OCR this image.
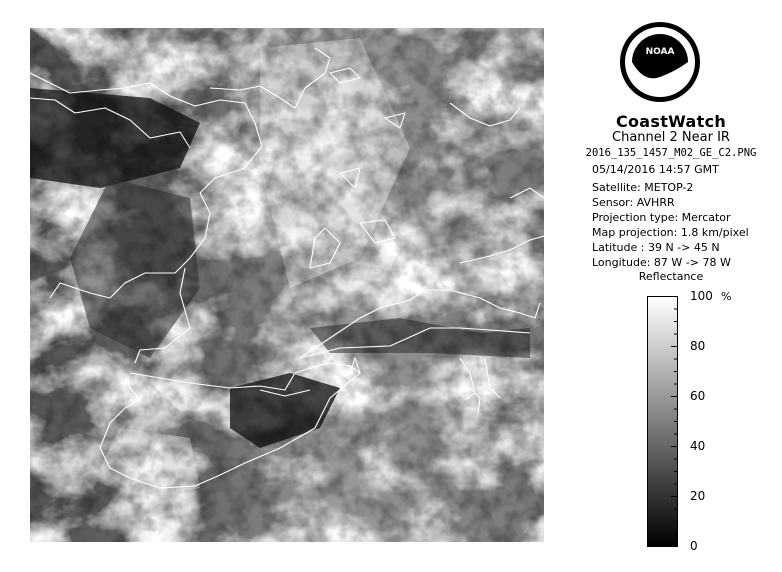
NOAA
CoastWatch
Channel 2 Near IR
2016_135_1457_M02_GE_C2.PNG
05/14/2016 14:57 GMT
Satellite: METOP-2
Sensor: AVHRR
Projection type: Mercator
Map projection: 1.8 km/pixel
Latitude : 39 N -> 45 N
Longitude: 87 W -> 78 W
Reflectance
100
80
60
40
20
0
%
